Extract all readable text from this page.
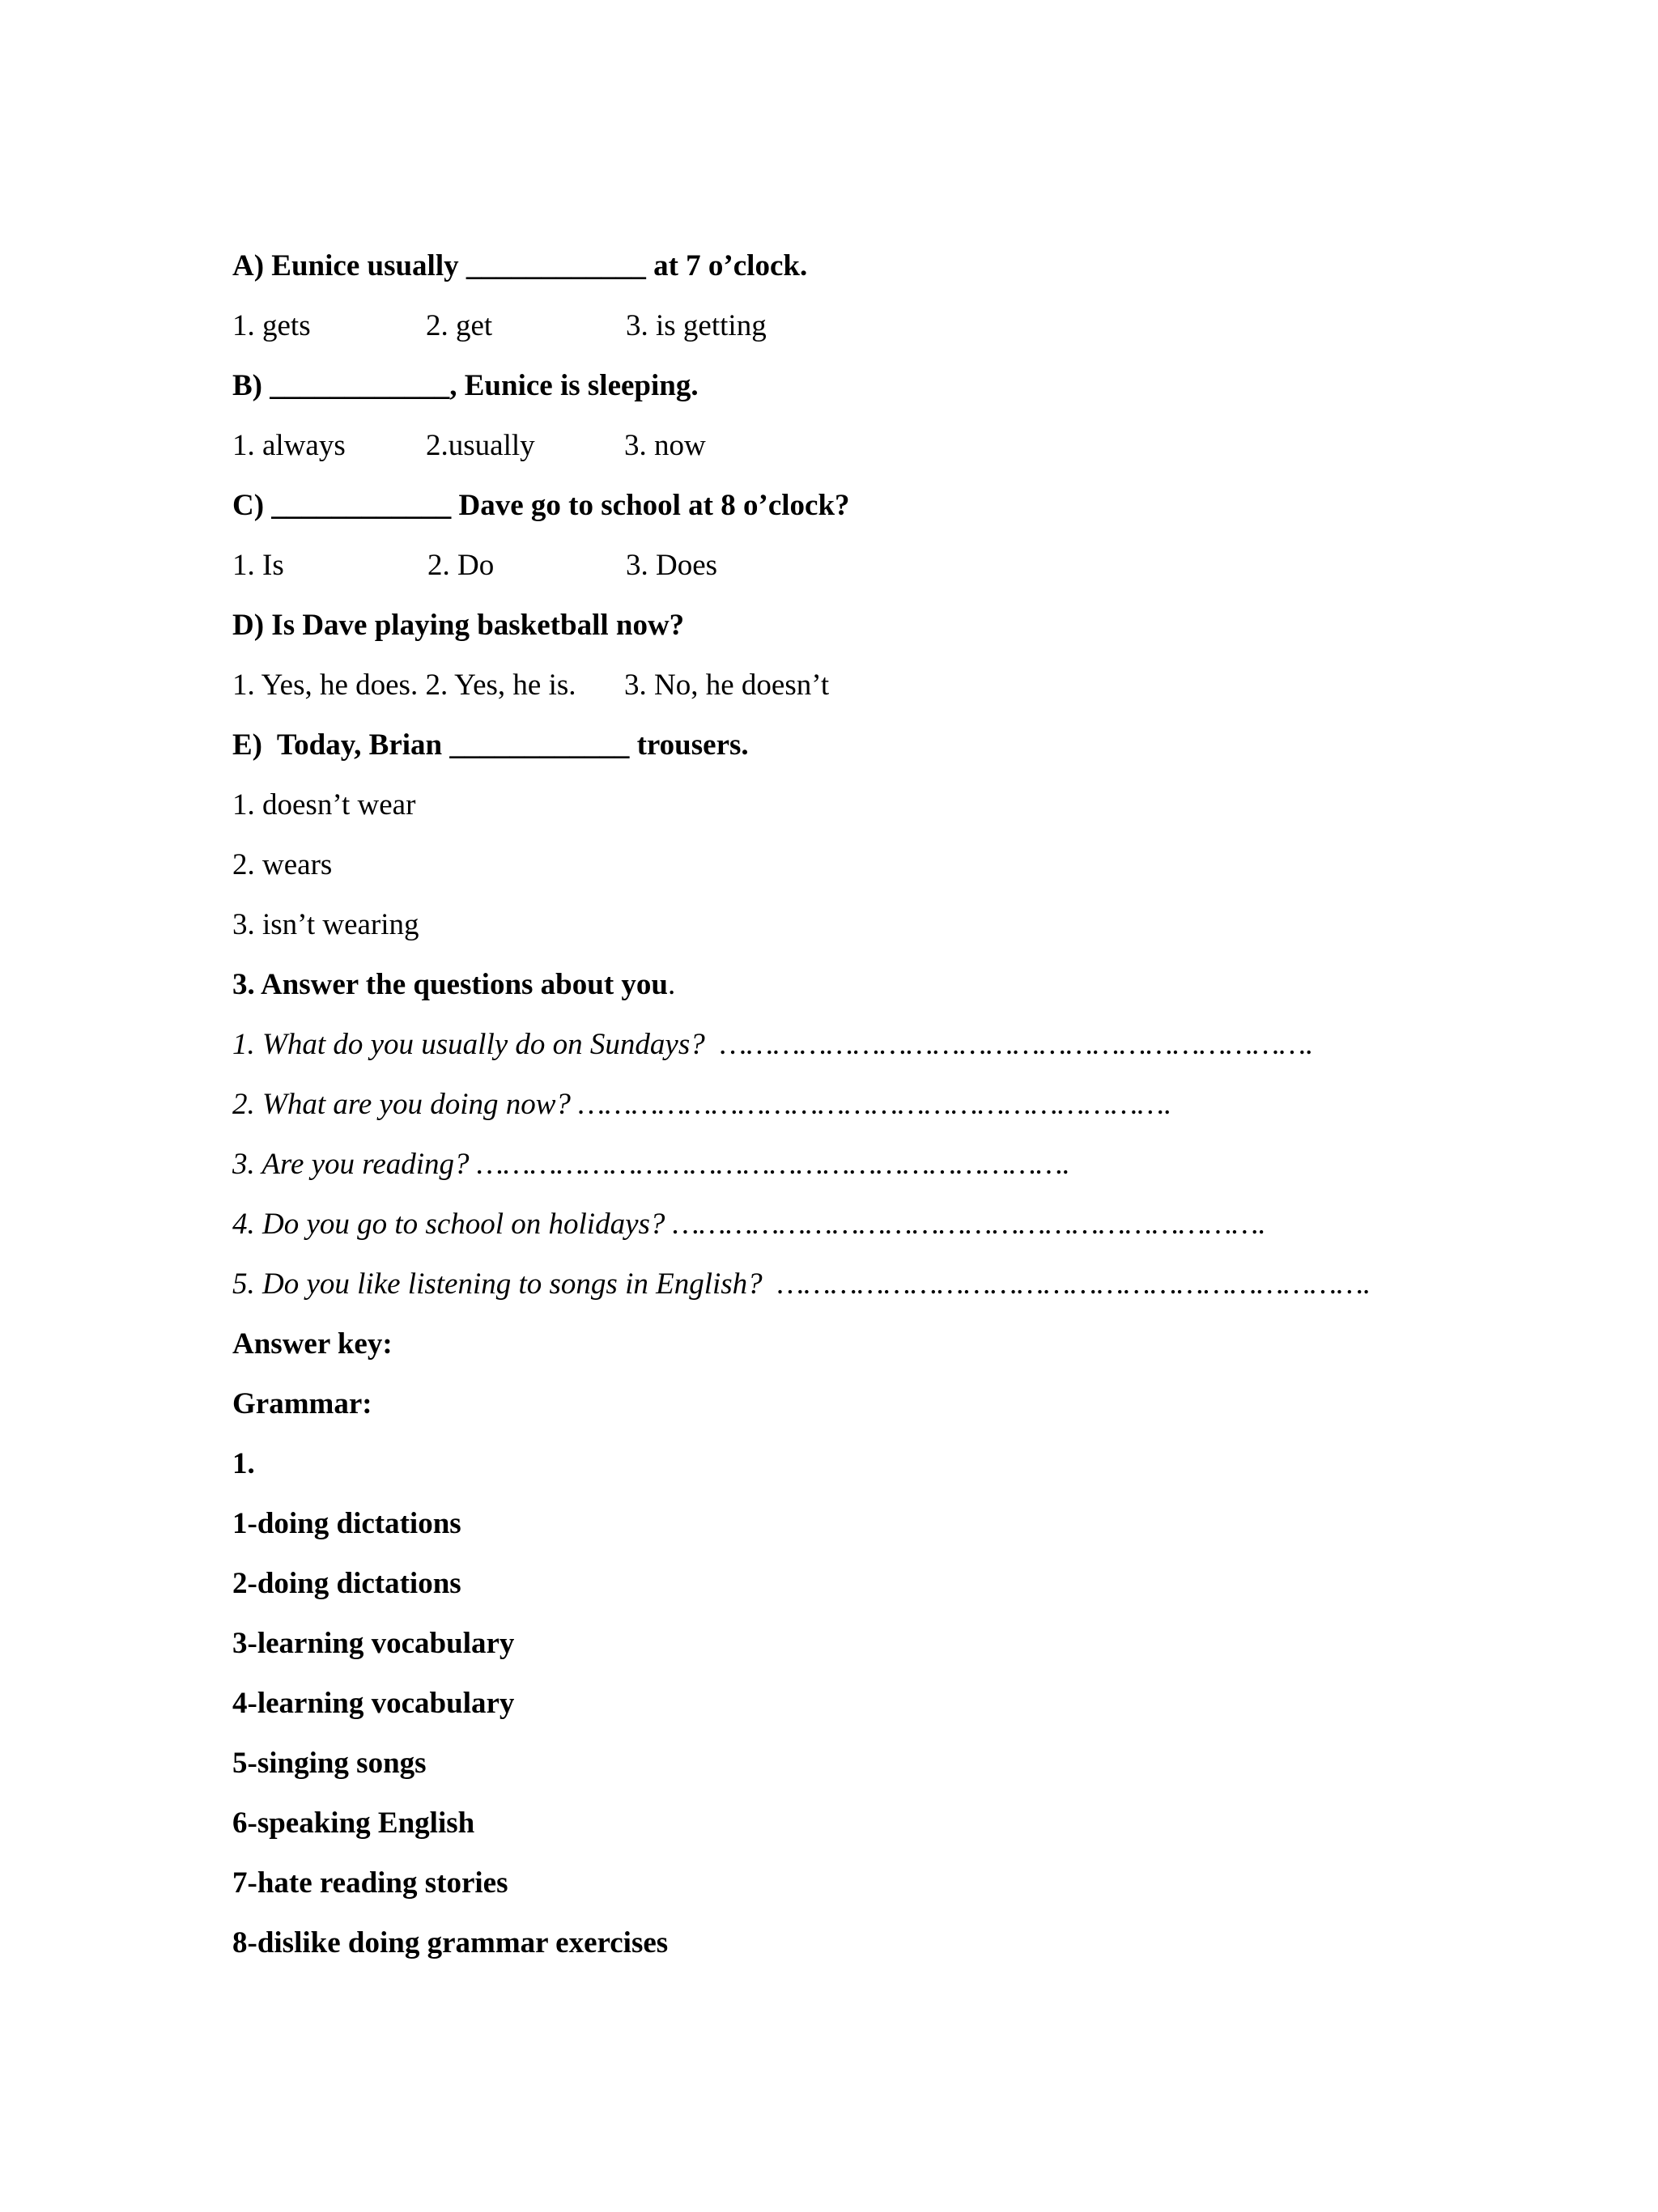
A) Eunice usually ____________ at 7 o’clock.

1. gets

	2. get

	3. is getting

B) ____________, Eunice is sleeping.

1. always

	2.usually

	3. now

C) ____________ Dave go to school at 8 o’clock?

1. Is

	2. Do

	3. Does

D) Is Dave playing basketball now?

1. Yes, he does. 2. Yes, he is.

3. No, he doesn’t

E)  Today, Brian ____________ trousers.
1. doesn’t wear
2. wears
3. isn’t wearing
3. Answer the questions about you.
1. What do you usually do on Sundays?  ………………………………………………………….
2. What are you doing now? ………………………………………………………….
3. Are you reading? ………………………………………………………….
4. Do you go to school on holidays? ………………………………………………………….
5. Do you like listening to songs in English?  ………………………………………………………….
Answer key:
Grammar:
1.
1-doing dictations
2-doing dictations
3-learning vocabulary
4-learning vocabulary
5-singing songs
6-speaking English
7-hate reading stories
8-dislike doing grammar exercises
